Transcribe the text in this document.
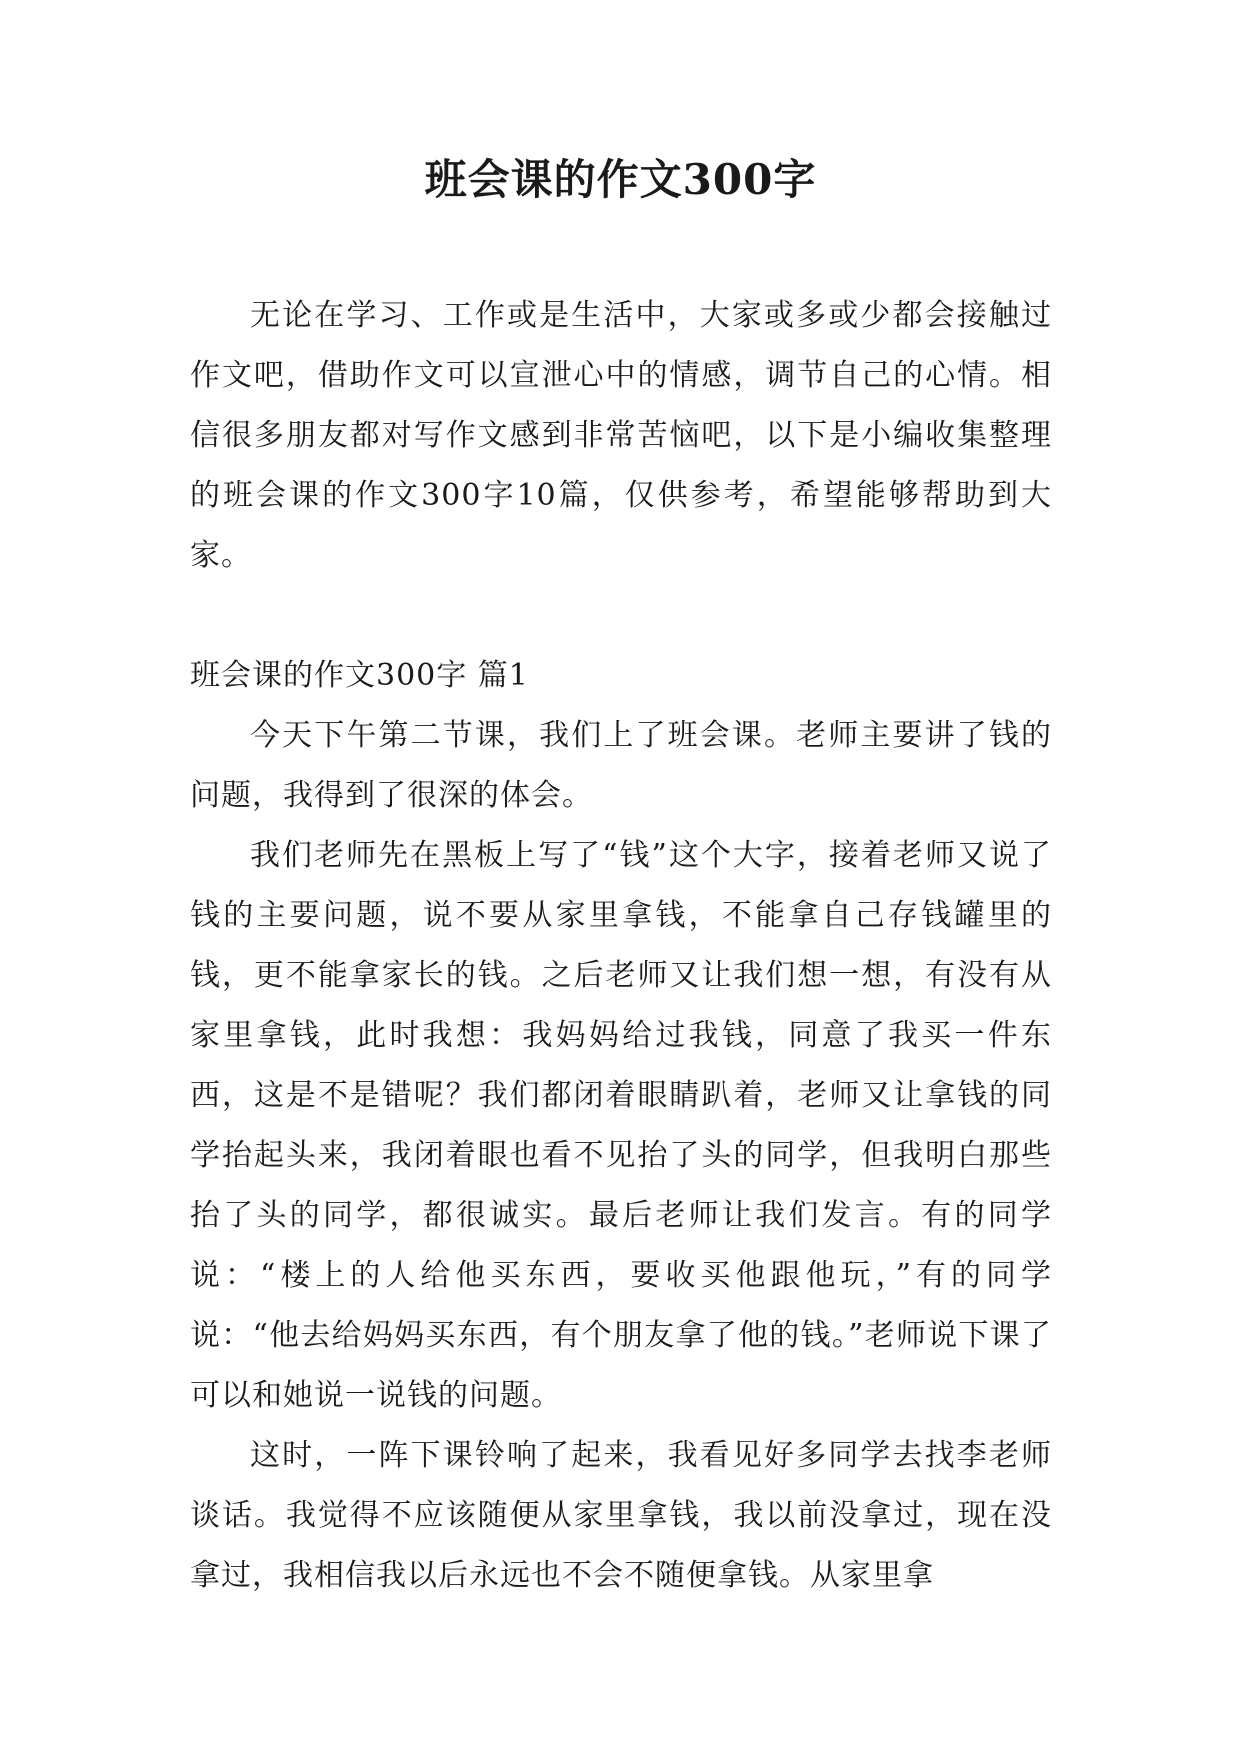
班会课的作文300字

无论在学习、工作或是生活中，大家或多或少都会接触过作文吧，借助作文可以宣泄心中的情感，调节自己的心情。相信很多朋友都对写作文感到非常苦恼吧，以下是小编收集整理的班会课的作文300字10篇，仅供参考，希望能够帮助到大家。

班会课的作文300字 篇1

今天下午第二节课，我们上了班会课。老师主要讲了钱的问题，我得到了很深的体会。

我们老师先在黑板上写了“钱”这个大字，接着老师又说了钱的主要问题，说不要从家里拿钱，不能拿自己存钱罐里的钱，更不能拿家长的钱。之后老师又让我们想一想，有没有从家里拿钱，此时我想：我妈妈给过我钱，同意了我买一件东西，这是不是错呢？我们都闭着眼睛趴着，老师又让拿钱的同学抬起头来，我闭着眼也看不见抬了头的同学，但我明白那些抬了头的同学，都很诚实。最后老师让我们发言。有的同学说：“楼上的人给他买东西，要收买他跟他玩，”有的同学说：“他去给妈妈买东西，有个朋友拿了他的钱。”老师说下课了可以和她说一说钱的问题。

这时，一阵下课铃响了起来，我看见好多同学去找李老师谈话。我觉得不应该随便从家里拿钱，我以前没拿过，现在没拿过，我相信我以后永远也不会不随便拿钱。从家里拿
